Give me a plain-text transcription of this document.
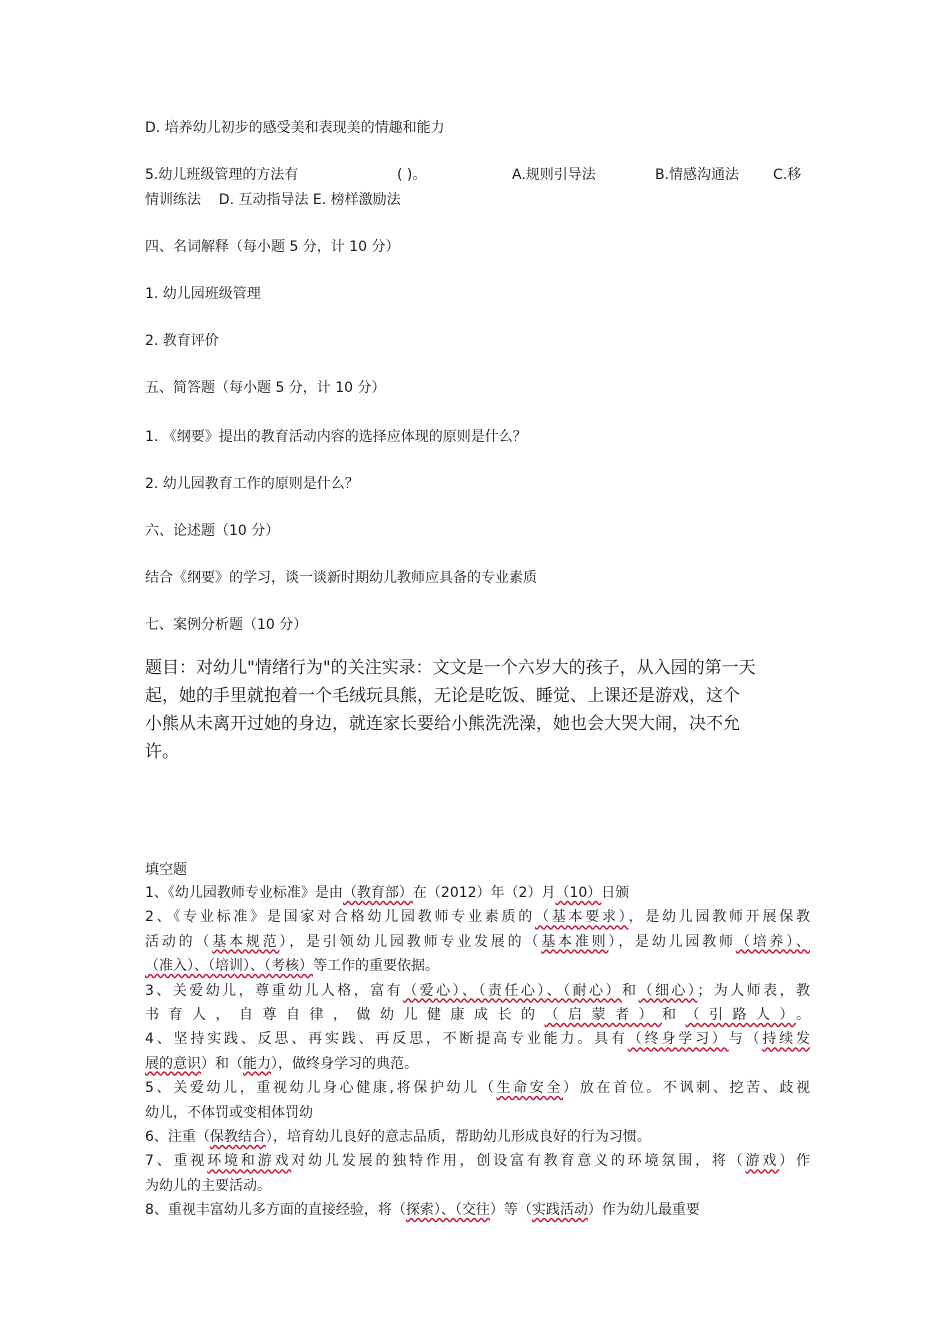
D. 培养幼儿初步的感受美和表现美的情趣和能力
5.幼儿班级管理的方法有	( )。	A.规则引导法	B.情感沟通法 C.移
情训练法    D. 互动指导法 E. 榜样激励法
四、名词解释（每小题 5 分，计 10 分）
1. 幼儿园班级管理
2. 教育评价
五、简答题（每小题 5 分，计 10 分）
1. 《纲要》提出的教育活动内容的选择应体现的原则是什么？
2. 幼儿园教育工作的原则是什么？
六、论述题（10 分）
结合《纲要》的学习，谈一谈新时期幼儿教师应具备的专业素质
七、案例分析题（10 分）
题目：对幼儿"情绪行为"的关注实录：文文是一个六岁大的孩子，从入园的第一天
起，她的手里就抱着一个毛绒玩具熊，无论是吃饭、睡觉、上课还是游戏，这个
小熊从未离开过她的身边，就连家长要给小熊洗洗澡，她也会大哭大闹，决不允
许。
填空题
1、《幼儿园教师专业标准》是由（教育部）在（2012）年（2）月（10）日颁
2、《专业标准》是国家对合格幼儿园教师专业素质的（基本要求），是幼儿园教师开展保教
活动的（基本规范），是引领幼儿园教师专业发展的（基本准则），是幼儿园教师（培养）、
（准入）、（培训）、（考核）等工作的重要依据。
3、关爱幼儿，尊重幼儿人格，富有（爱心）、（责任心）、（耐心）和（细心）；为人师表，教
书育人，自尊自律，做幼儿健康成长的（启蒙者）和（引路人）。
4、坚持实践、反思、再实践、再反思，不断提高专业能力。具有（终身学习）与（持续发
展的意识）和（能力），做终身学习的典范。
5、关爱幼儿，重视幼儿身心健康,将保护幼儿（生命安全）放在首位。不讽刺、挖苦、歧视
幼儿，不体罚或变相体罚幼
6、注重（保教结合），培育幼儿良好的意志品质，帮助幼儿形成良好的行为习惯。
7、重视环境和游戏对幼儿发展的独特作用，创设富有教育意义的环境氛围，将（游戏）作
为幼儿的主要活动。
8、重视丰富幼儿多方面的直接经验，将（探索）、（交往）等（实践活动）作为幼儿最重要
